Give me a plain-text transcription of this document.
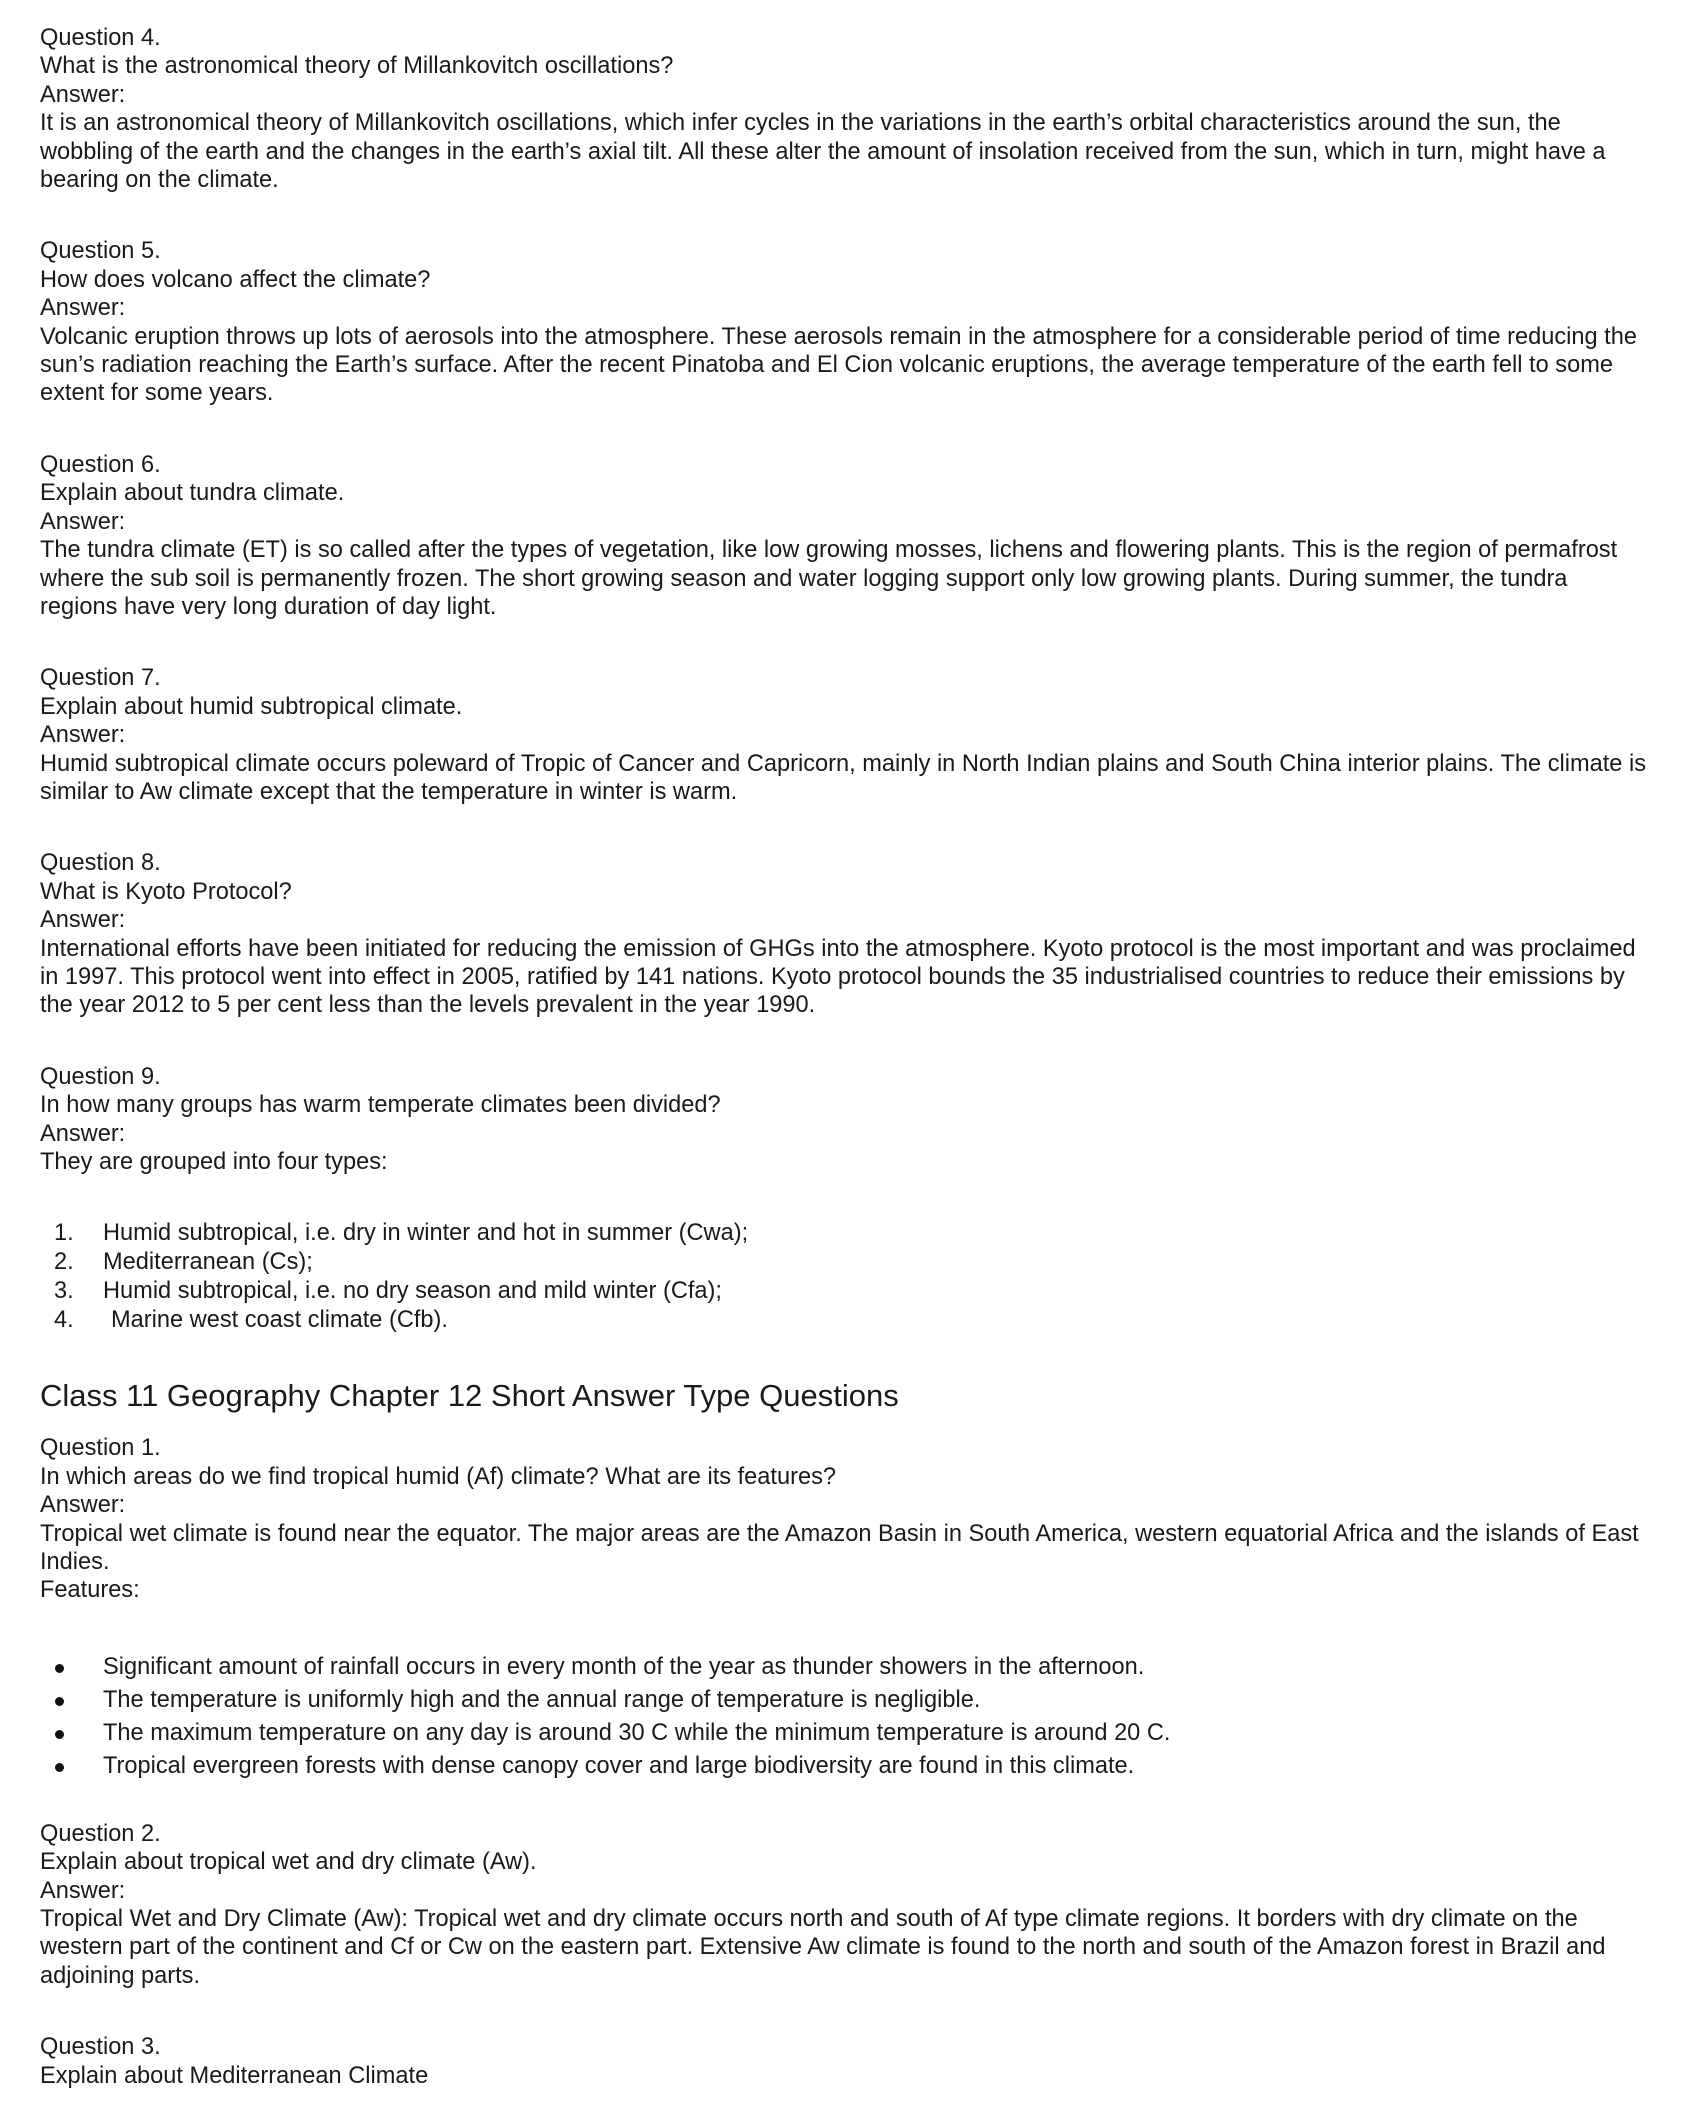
Question 4.

What is the astronomical theory of Millankovitch oscillations?

Answer:

It is an astronomical theory of Millankovitch oscillations, which infer cycles in the variations in the earth’s orbital characteristics around the sun, the wobbling of the earth and the changes in the earth’s axial tilt. All these alter the amount of insolation received from the sun, which in turn, might have a bearing on the climate.

Question 5.

How does volcano affect the climate?

Answer:

Volcanic eruption throws up lots of aerosols into the atmosphere. These aerosols remain in the atmosphere for a considerable period of time reducing the sun’s radiation reaching the Earth’s surface. After the recent Pinatoba and El Cion volcanic eruptions, the average temperature of the earth fell to some extent for some years.

Question 6.

Explain about tundra climate.

Answer:

The tundra climate (ET) is so called after the types of vegetation, like low growing mosses, lichens and flowering plants. This is the region of permafrost where the sub soil is permanently frozen. The short growing season and water logging support only low growing plants. During summer, the tundra regions have very long duration of day light.

Question 7.

Explain about humid subtropical climate.

Answer:

Humid subtropical climate occurs poleward of Tropic of Cancer and Capricorn, mainly in North Indian plains and South China interior plains. The climate is similar to Aw climate except that the temperature in winter is warm.

Question 8.

What is Kyoto Protocol?

Answer:

International efforts have been initiated for reducing the emission of GHGs into the atmosphere. Kyoto protocol is the most important and was proclaimed in 1997. This protocol went into effect in 2005, ratified by 141 nations. Kyoto protocol bounds the 35 industrialised countries to reduce their emissions by the year 2012 to 5 per cent less than the levels prevalent in the year 1990.

Question 9.

In how many groups has warm temperate climates been divided?

Answer:

They are grouped into four types:

1. Humid subtropical, i.e. dry in winter and hot in summer (Cwa);
2. Mediterranean (Cs);
3. Humid subtropical, i.e. no dry season and mild winter (Cfa);
4. Marine west coast climate (Cfb).
Class 11 Geography Chapter 12 Short Answer Type Questions

Question 1.

In which areas do we find tropical humid (Af) climate? What are its features?

Answer:

Tropical wet climate is found near the equator. The major areas are the Amazon Basin in South America, western equatorial Africa and the islands of East Indies.

Features:

Significant amount of rainfall occurs in every month of the year as thunder showers in the afternoon.
The temperature is uniformly high and the annual range of temperature is negligible.
The maximum temperature on any day is around 30 C while the minimum temperature is around 20 C.
Tropical evergreen forests with dense canopy cover and large biodiversity are found in this climate.

Question 2.

Explain about tropical wet and dry climate (Aw).

Answer:

Tropical Wet and Dry Climate (Aw): Tropical wet and dry climate occurs north and south of Af type climate regions. It borders with dry climate on the western part of the continent and Cf or Cw on the eastern part. Extensive Aw climate is found to the north and south of the Amazon forest in Brazil and adjoining parts.

Question 3.

Explain about Mediterranean Climate
